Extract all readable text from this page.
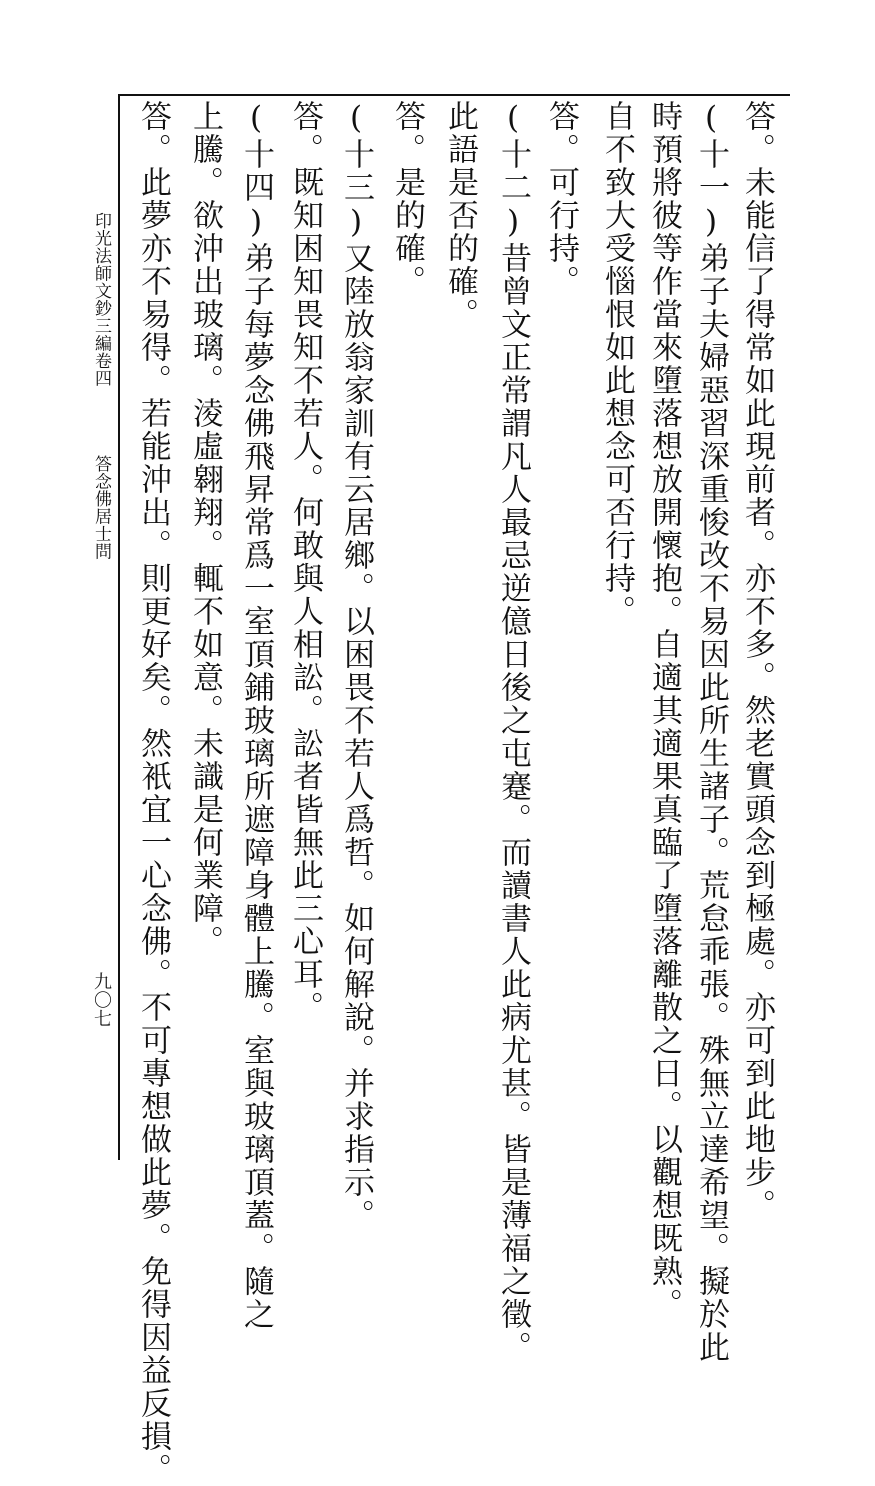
印光法師文鈔三編卷四
答念佛居士問
九〇七	答。未能信了得常如此現前者。亦不多。然老實頭念到極處。亦可到此地步。
(十一)弟子夫婦惡習深重悛改不易因此所生諸子。荒怠乖張。殊無立達希望。擬於此
時預將彼等作當來墮落想放開懷抱。自適其適果真臨了墮落離散之日。以觀想既熟。
自不致大受惱恨如此想念可否行持。
答。可行持。
(十二)昔曾文正常謂凡人最忌逆億日後之屯蹇。而讀書人此病尤甚。皆是薄福之徵。
此語是否的確。
答。是的確。
(十三)又陸放翁家訓有云居鄉。以困畏不若人爲哲。如何解說。并求指示。
答。既知困知畏知不若人。何敢與人相訟。訟者皆無此三心耳。
(十四)弟子每夢念佛飛昇常爲一室頂鋪玻璃所遮障身體上騰。室與玻璃頂蓋。隨之
上騰。欲沖出玻璃。淩虛翱翔。輒不如意。未識是何業障。
答。此夢亦不易得。若能沖出。則更好矣。然衹宜一心念佛。不可專想做此夢。免得因益反損。
